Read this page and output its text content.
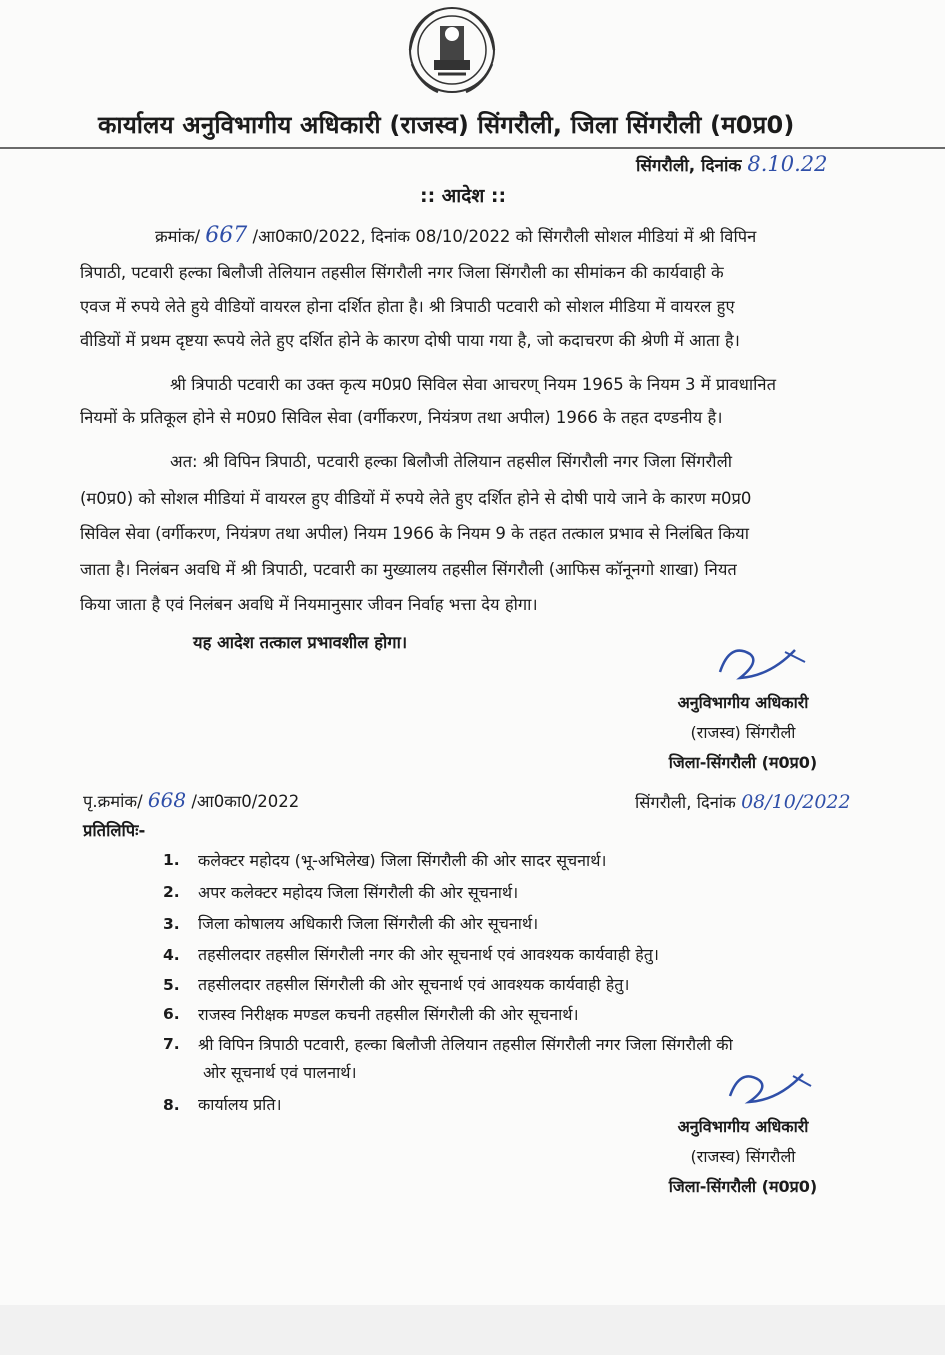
कार्यालय अनुविभागीय अधिकारी (राजस्व) सिंगरौली, जिला सिंगरौली (म0प्र0)
सिंगरौली, दिनांक 8.10.22
:: आदेश ::
क्रमांक/ 667 /आ0का0/2022, दिनांक 08/10/2022 को सिंगरौली सोशल मीडियां में श्री विपिन
त्रिपाठी, पटवारी हल्का बिलौजी तेलियान तहसील सिंगरौली नगर जिला सिंगरौली का सीमांकन की कार्यवाही के
एवज में रुपये लेते हुये वीडियों वायरल होना दर्शित होता है। श्री त्रिपाठी पटवारी को सोशल मीडिया में वायरल हुए
वीडियों में प्रथम दृष्टया रूपये लेते हुए दर्शित होने के कारण दोषी पाया गया है, जो कदाचरण की श्रेणी में आता है।
श्री त्रिपाठी पटवारी का उक्त कृत्य म0प्र0 सिविल सेवा आचरण् नियम 1965 के नियम 3 में प्रावधानित
नियमों के प्रतिकूल होने से म0प्र0 सिविल सेवा (वर्गीकरण, नियंत्रण तथा अपील) 1966 के तहत दण्डनीय है।
अत: श्री विपिन त्रिपाठी, पटवारी हल्का बिलौजी तेलियान तहसील सिंगरौली नगर जिला सिंगरौली
(म0प्र0) को सोशल मीडियां में वायरल हुए वीडियों में रुपये लेते हुए दर्शित होने से दोषी पाये जाने के कारण म0प्र0
सिविल सेवा (वर्गीकरण, नियंत्रण तथा अपील) नियम 1966 के नियम 9 के तहत तत्काल प्रभाव से निलंबित किया
जाता है। निलंबन अवधि में श्री त्रिपाठी, पटवारी का मुख्यालय तहसील सिंगरौली (आफिस कॉनूनगो शाखा) नियत
किया जाता है एवं निलंबन अवधि में नियमानुसार जीवन निर्वाह भत्ता देय होगा।
यह आदेश तत्काल प्रभावशील होगा।
अनुविभागीय अधिकारी
(राजस्व) सिंगरौली
जिला-सिंगरौली (म0प्र0)
पृ.क्रमांक/ 668 /आ0का0/2022	सिंगरौली, दिनांक 08/10/2022
प्रतिलिपिः-
1. कलेक्टर महोदय (भू-अभिलेख) जिला सिंगरौली की ओर सादर सूचनार्थ।
2. अपर कलेक्टर महोदय जिला सिंगरौली की ओर सूचनार्थ।
3. जिला कोषालय अधिकारी जिला सिंगरौली की ओर सूचनार्थ।
4. तहसीलदार तहसील सिंगरौली नगर की ओर सूचनार्थ एवं आवश्यक कार्यवाही हेतु।
5. तहसीलदार तहसील सिंगरौली की ओर सूचनार्थ एवं आवश्यक कार्यवाही हेतु।
6. राजस्व निरीक्षक मण्डल कचनी तहसील सिंगरौली की ओर सूचनार्थ।
7. श्री विपिन त्रिपाठी पटवारी, हल्का बिलौजी तेलियान तहसील सिंगरौली नगर जिला सिंगरौली की
ओर सूचनार्थ एवं पालनार्थ।
8. कार्यालय प्रति।
अनुविभागीय अधिकारी
(राजस्व) सिंगरौली
जिला-सिंगरौली (म0प्र0)
